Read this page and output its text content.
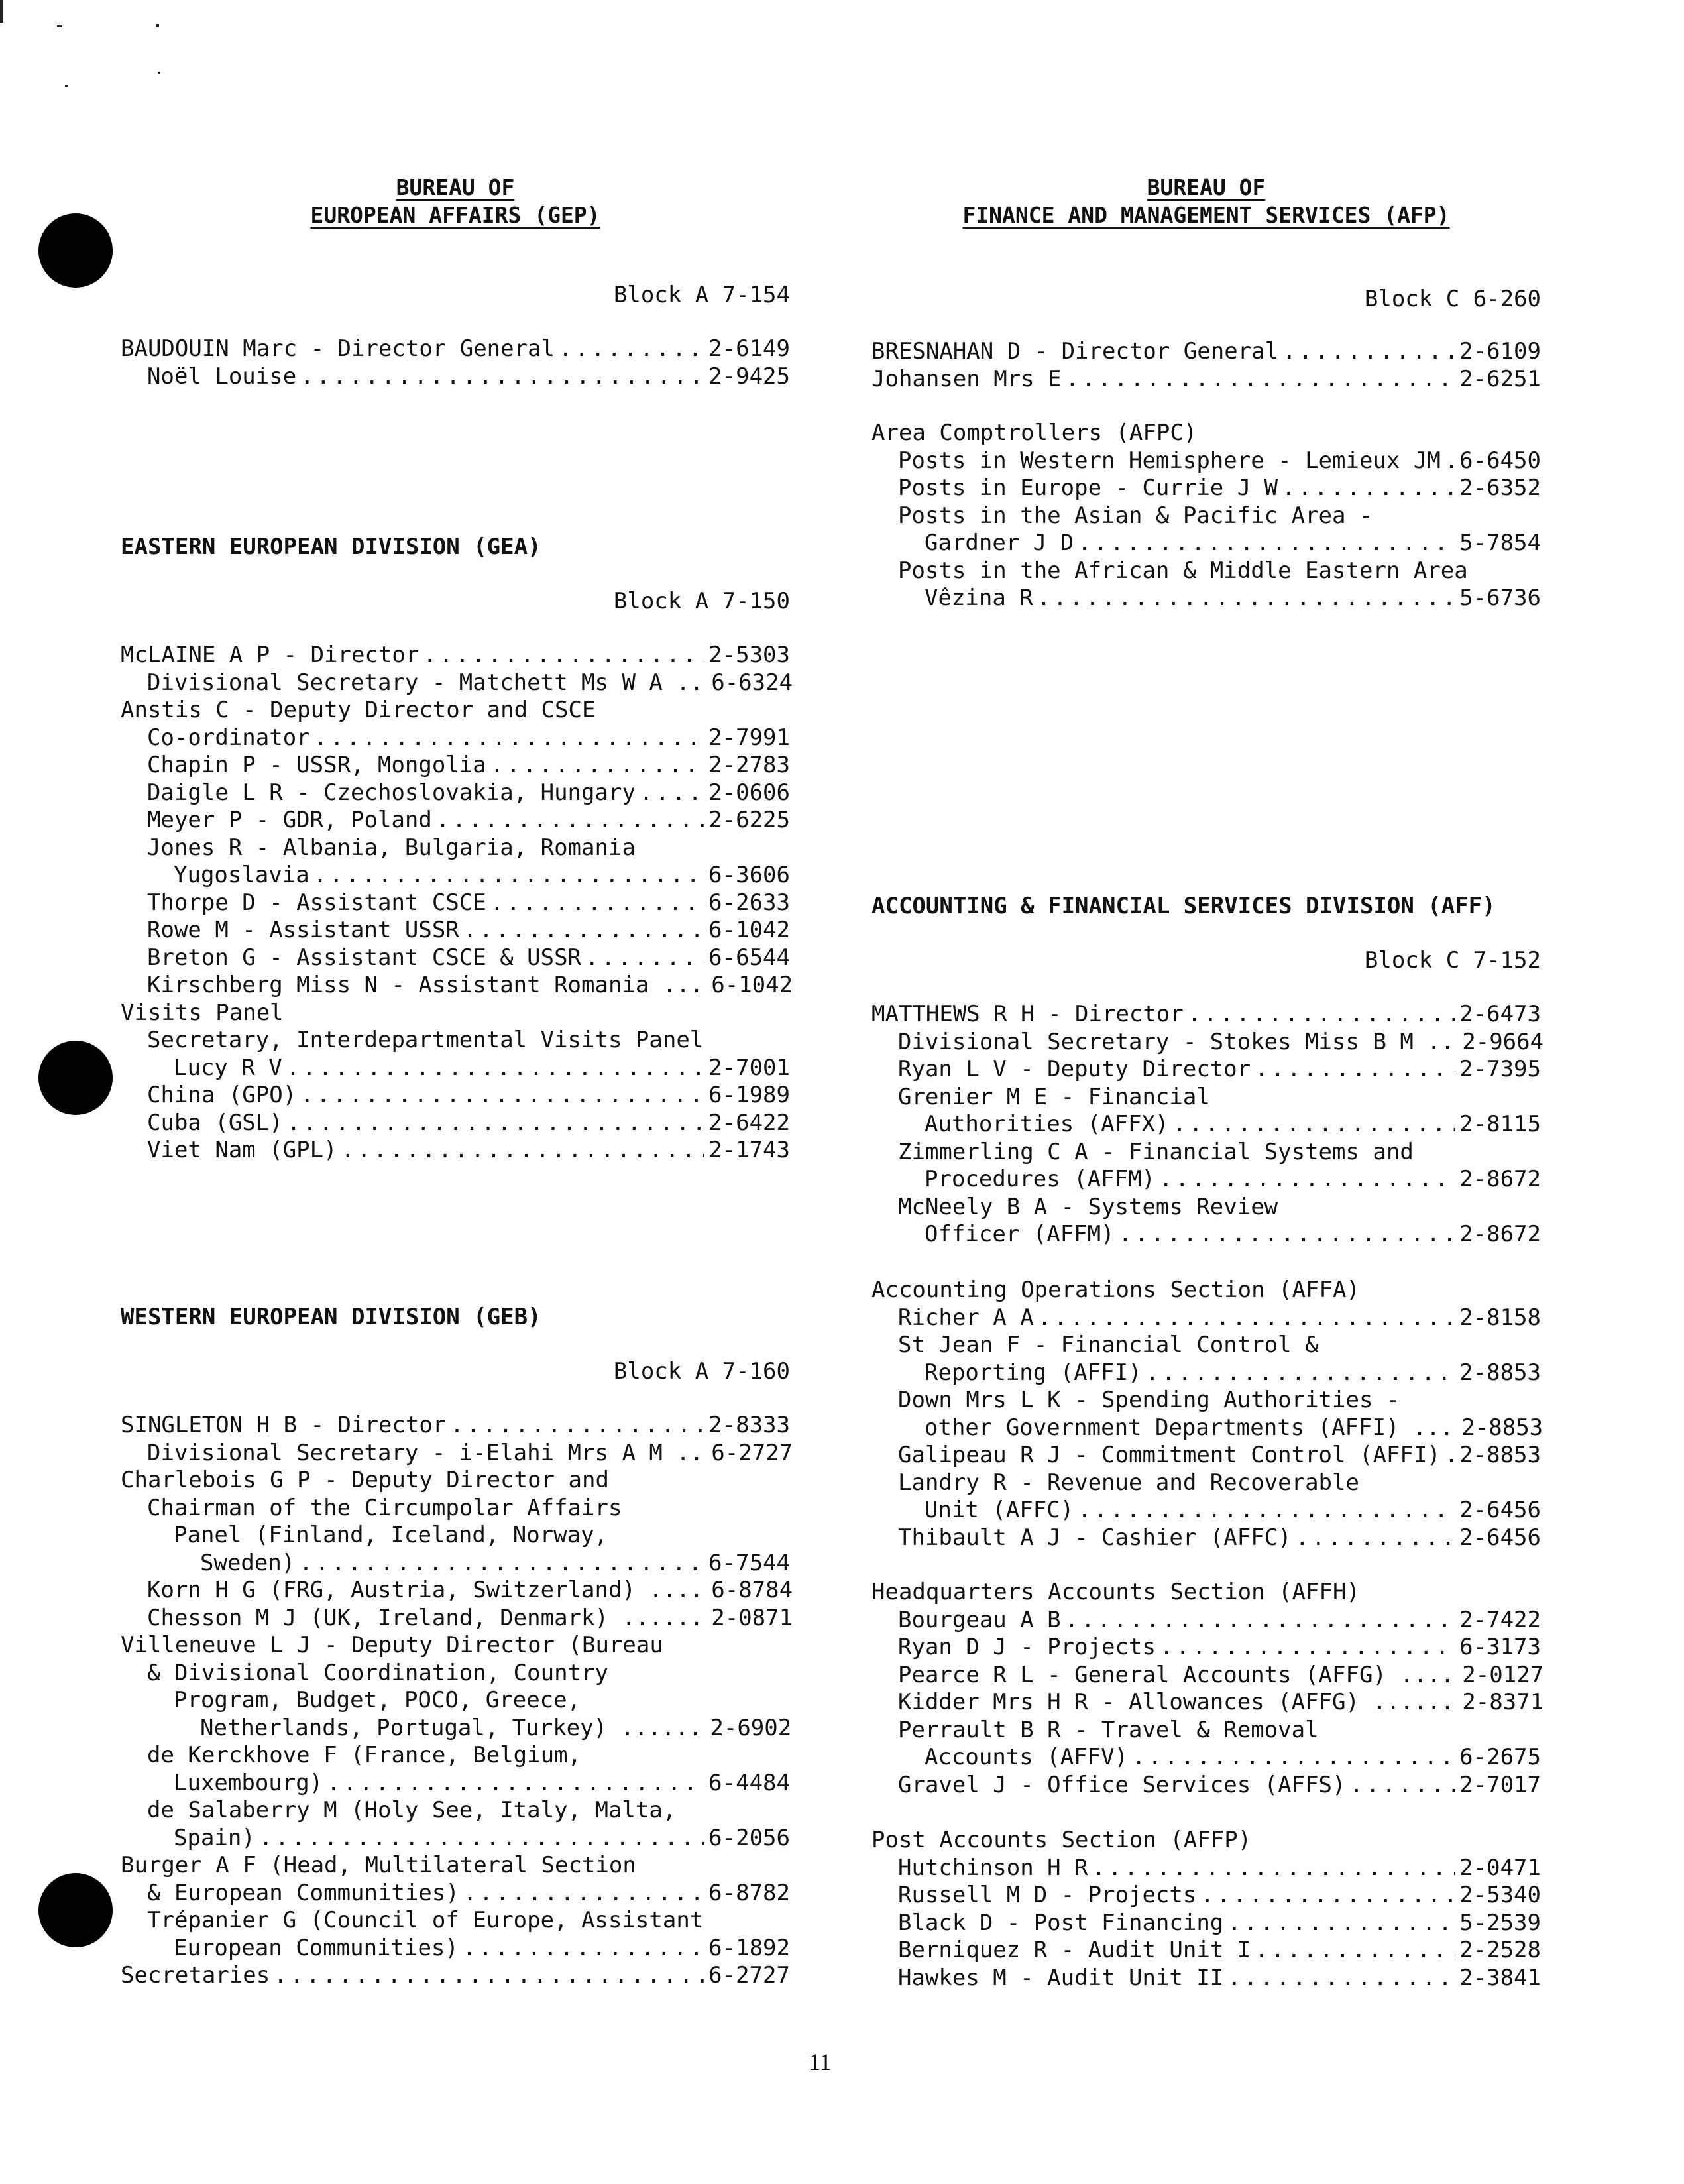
BUREAU OF
EUROPEAN AFFAIRS (GEP)
Block A 7-154
BAUDOUIN Marc - Director General .....	2-6149
Noël Louise .....	2-9425
EASTERN EUROPEAN DIVISION (GEA)
Block A 7-150
McLAINE A P - Director .....	2-5303
Divisional Secretary - Matchett Ms W A .. 6-6324
Anstis C - Deputy Director and CSCE
Co-ordinator .....	2-7991
Chapin P - USSR, Mongolia .....	2-2783
Daigle L R - Czechoslovakia, Hungary .....	2-0606
Meyer P - GDR, Poland .....	2-6225
Jones R - Albania, Bulgaria, Romania
Yugoslavia .....	6-3606
Thorpe D - Assistant CSCE .....	6-2633
Rowe M - Assistant USSR .....	6-1042
Breton G - Assistant CSCE & USSR .....	6-6544
Kirschberg Miss N - Assistant Romania ... 6-1042
Visits Panel
Secretary, Interdepartmental Visits Panel
Lucy R V .....	2-7001
China (GPO) .....	6-1989
Cuba (GSL) .....	2-6422
Viet Nam (GPL) .....	2-1743
WESTERN EUROPEAN DIVISION (GEB)
Block A 7-160
SINGLETON H B - Director .....	2-8333
Divisional Secretary - i-Elahi Mrs A M .. 6-2727
Charlebois G P - Deputy Director and
Chairman of the Circumpolar Affairs
Panel (Finland, Iceland, Norway,
Sweden) .....	6-7544
Korn H G (FRG, Austria, Switzerland) .... 6-8784
Chesson M J (UK, Ireland, Denmark) ...... 2-0871
Villeneuve L J - Deputy Director (Bureau
& Divisional Coordination, Country
Program, Budget, POCO, Greece,
Netherlands, Portugal, Turkey) ...... 2-6902
de Kerckhove F (France, Belgium,
Luxembourg) .....	6-4484
de Salaberry M (Holy See, Italy, Malta,
Spain) .....	6-2056
Burger A F (Head, Multilateral Section
& European Communities) .....	6-8782
Trépanier G (Council of Europe, Assistant
European Communities) .....	6-1892
Secretaries .....	6-2727
BUREAU OF
FINANCE AND MANAGEMENT SERVICES (AFP)
Block C 6-260
BRESNAHAN D - Director General .....	2-6109
Johansen Mrs E .....	2-6251
Area Comptrollers (AFPC)
Posts in Western Hemisphere - Lemieux JM ..... 6-6450
Posts in Europe - Currie J W .....	2-6352
Posts in the Asian & Pacific Area -
Gardner J D .....	5-7854
Posts in the African & Middle Eastern Area
Vêzina R .....	5-6736
ACCOUNTING & FINANCIAL SERVICES DIVISION (AFF)
Block C 7-152
MATTHEWS R H - Director .....	2-6473
Divisional Secretary - Stokes Miss B M .. 2-9664
Ryan L V - Deputy Director .....	2-7395
Grenier M E - Financial
Authorities (AFFX) .....	2-8115
Zimmerling C A - Financial Systems and
Procedures (AFFM) .....	2-8672
McNeely B A - Systems Review
Officer (AFFM) .....	2-8672
Accounting Operations Section (AFFA)
Richer A A .....	2-8158
St Jean F - Financial Control &
Reporting (AFFI) .....	2-8853
Down Mrs L K - Spending Authorities -
other Government Departments (AFFI) ... 2-8853
Galipeau R J - Commitment Control (AFFI) ..... 2-8853
Landry R - Revenue and Recoverable
Unit (AFFC) .....	2-6456
Thibault A J - Cashier (AFFC) .....	2-6456
Headquarters Accounts Section (AFFH)
Bourgeau A B .....	2-7422
Ryan D J - Projects .....	6-3173
Pearce R L - General Accounts (AFFG) .... 2-0127
Kidder Mrs H R - Allowances (AFFG) ...... 2-8371
Perrault B R - Travel & Removal
Accounts (AFFV) .....	6-2675
Gravel J - Office Services (AFFS) .....	2-7017
Post Accounts Section (AFFP)
Hutchinson H R .....	2-0471
Russell M D - Projects .....	2-5340
Black D - Post Financing .....	5-2539
Berniquez R - Audit Unit I .....	2-2528
Hawkes M - Audit Unit II .....	2-3841
11
